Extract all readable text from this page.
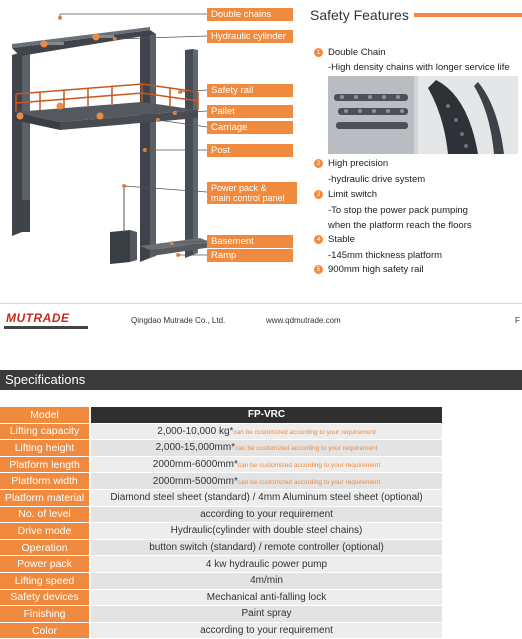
Double chains
Hydraulic cylinder
Safety rail
Pallet
Carriage
Post
Power pack &
main control panel
Basement
Ramp
Safety Features
1 Double Chain
-High density chains with longer service life
2 High precision
-hydraulic drive system
3 Limit switch
-To stop the power pack pumping
when the platform reach the floors
4 Stable
-145mm thickness platform
5 900mm high safety rail
MUTRADE	Qingdao Mutrade Co., Ltd.	www.qdmutrade.com	F
Specifications
Model	FP-VRC
Lifting capacity	2,000-10,000 kg*can be customized according to your requirement
Lifting height	2,000-15,000mm*can be customized according to your requirement
Platform length	2000mm-6000mm*can be customized according to your requirement
Platform width	2000mm-5000mm*can be customized according to your requirement
Platform material	Diamond steel sheet (standard) / 4mm Aluminum steel sheet (optional)
No. of level	according to your requirement
Drive mode	Hydraulic(cylinder with double steel chains)
Operation	button switch (standard) / remote controller (optional)
Power pack	4 kw hydraulic power pump
Lifting speed	4m/min
Safety devices	Mechanical anti-falling lock
Finishing	Paint spray
Color	according to your requirement
